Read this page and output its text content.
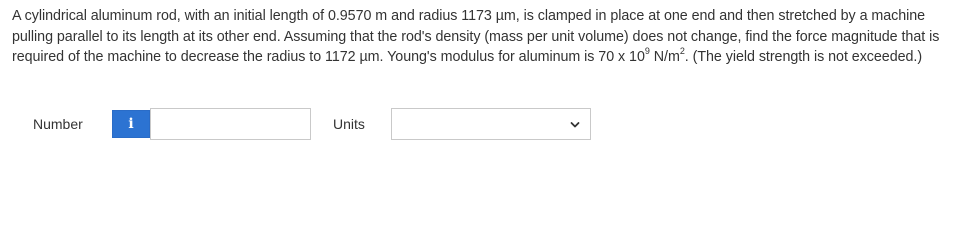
A cylindrical aluminum rod, with an initial length of 0.9570 m and radius 1173 µm, is clamped in place at one end and then stretched by a machine pulling parallel to its length at its other end. Assuming that the rod's density (mass per unit volume) does not change, find the force magnitude that is required of the machine to decrease the radius to 1172 µm. Young's modulus for aluminum is 70 x $10^9$ $N/m^2$. (The yield strength is not exceeded.)
Number	i	Units
